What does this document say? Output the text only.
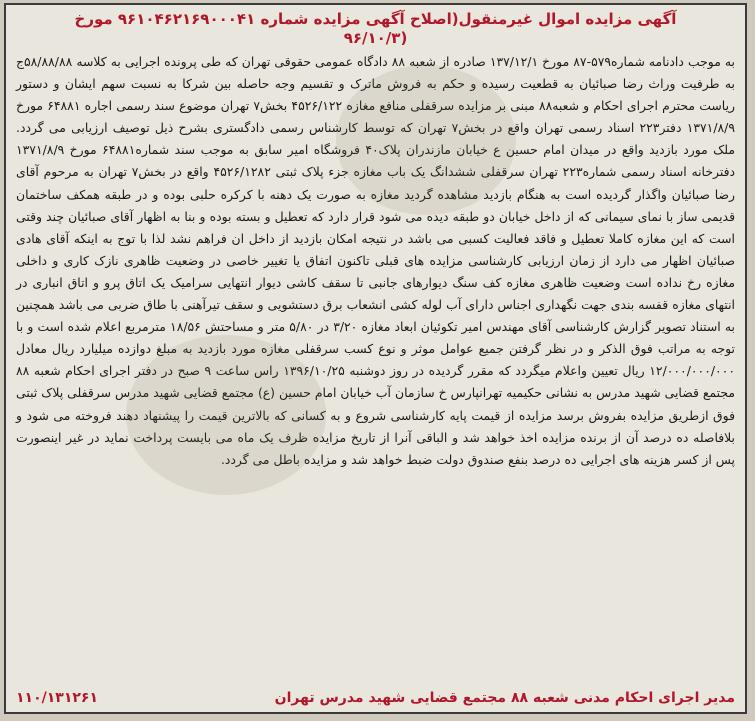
آگهی مزایده اموال غیرمنقول(اصلاح آگهی مزایده شماره ۹۶۱۰۴۶۲۱۶۹۰۰۰۴۱ مورخ

(۹۶/۱۰/۳

به موجب دادنامه شماره۵۷۹-۸۷ مورخ ۱۳۷/۱۲/۱ صادره از شعبه ۸۸ دادگاه عمومی حقوقی تهران که طی پرونده اجرایی به کلاسه ۵۸/۸۸/۸۸ج به طرفیت وراث رضا صبائیان به قطعیت رسیده و حکم به فروش ماترک و تقسیم وجه حاصله بین شرکا به نسبت سهم ایشان و دستور ریاست محترم اجرای احکام و شعبه۸۸ مبنی بر مزایده سرقفلی منافع مغازه ۴۵۲۶/۱۲۲ بخش۷ تهران موضوع سند رسمی اجاره ۶۴۸۸۱ مورخ ۱۳۷۱/۸/۹ دفتر۲۲۳ اسناد رسمی تهران واقع در بخش۷ تهران که توسط کارشناس رسمی دادگستری بشرح ذیل توصیف ارزیابی می گردد. ملک مورد بازدید واقع در میدان امام حسین ع خیابان مازندران پلاک۴۰ فروشگاه امیر سابق به موجب سند شماره۶۴۸۸۱ مورخ ۱۳۷۱/۸/۹ دفترخانه اسناد رسمی شماره۲۲۳ تهران سرقفلی ششدانگ یک باب مغازه جزء پلاک ثبتی ۴۵۲۶/۱۲۸۲ واقع در بخش۷ تهران به مرحوم آقای رضا صبائیان واگذار گردیده است به هنگام بازدید مشاهده گردید مغازه به صورت یک دهنه با کرکره حلبی بوده و در طبقه همکف ساختمان قدیمی ساز با نمای سیمانی که از داخل خیابان دو طبقه دیده می شود قرار دارد که تعطیل و بسته بوده و بنا به اظهار آقای صبائیان چند وقتی است که این مغازه کاملا تعطیل و فاقد فعالیت کسبی می باشد در نتیجه امکان بازدید از داخل ان فراهم نشد لذا با توج به اینکه آقای هادی صبائیان اظهار می دارد از زمان ارزیابی کارشناسی مزایده های قبلی تاکنون اتفاق یا تغییر خاصی در وضعیت ظاهری نازک کاری و داخلی مغازه رخ نداده است وضعیت ظاهری مغازه کف سنگ دیوارهای جانبی تا سقف کاشی دیوار انتهایی سرامیک یک اتاق پرو و اتاق انباری در انتهای مغازه قفسه بندی جهت نگهداری اجناس دارای آب لوله کشی انشعاب برق دستشویی و سقف تیرآهنی با طاق ضربی می باشد همچنین به استناد تصویر گزارش کارشناسی آقای مهندس امیر تکوئیان ابعاد مغازه ۳/۲۰ در ۵/۸۰ متر و مساحتش ۱۸/۵۶ مترمربع اعلام شده است و با توجه به مراتب فوق الذکر و در نظر گرفتن جمیع عوامل موثر و نوع کسب سرقفلی مغازه مورد بازدید به مبلغ دوازده میلیارد ریال معادل ۱۲/۰۰۰/۰۰۰/۰۰۰ ریال تعیین واعلام میگردد که مقرر گردیده در روز دوشنبه ۱۳۹۶/۱۰/۲۵ راس ساعت ۹ صبح در دفتر اجرای احکام شعبه ۸۸ مجتمع قضایی شهید مدرس به نشانی حکیمیه تهرانپارس خ سازمان آب خیابان امام حسین (ع) مجتمع قضایی شهید مدرس سرقفلی پلاک ثبتی فوق ازطریق مزایده بفروش برسد مزایده از قیمت پایه کارشناسی شروع و به کسانی که بالاترین قیمت را پیشنهاد دهند فروخته می شود و بلافاصله ده درصد آن از برنده مزایده اخذ خواهد شد و الباقی آنرا از تاریخ مزایده ظرف یک ماه می بایست پرداخت نماید در غیر اینصورت پس از کسر هزینه های اجرایی ده درصد بنفع صندوق دولت ضبط خواهد شد و مزایده باطل می گردد.
مدیر اجرای احکام مدنی شعبه ۸۸ مجتمع قضایی شهید مدرس تهران
۱۱۰/۱۳۱۲۶۱
